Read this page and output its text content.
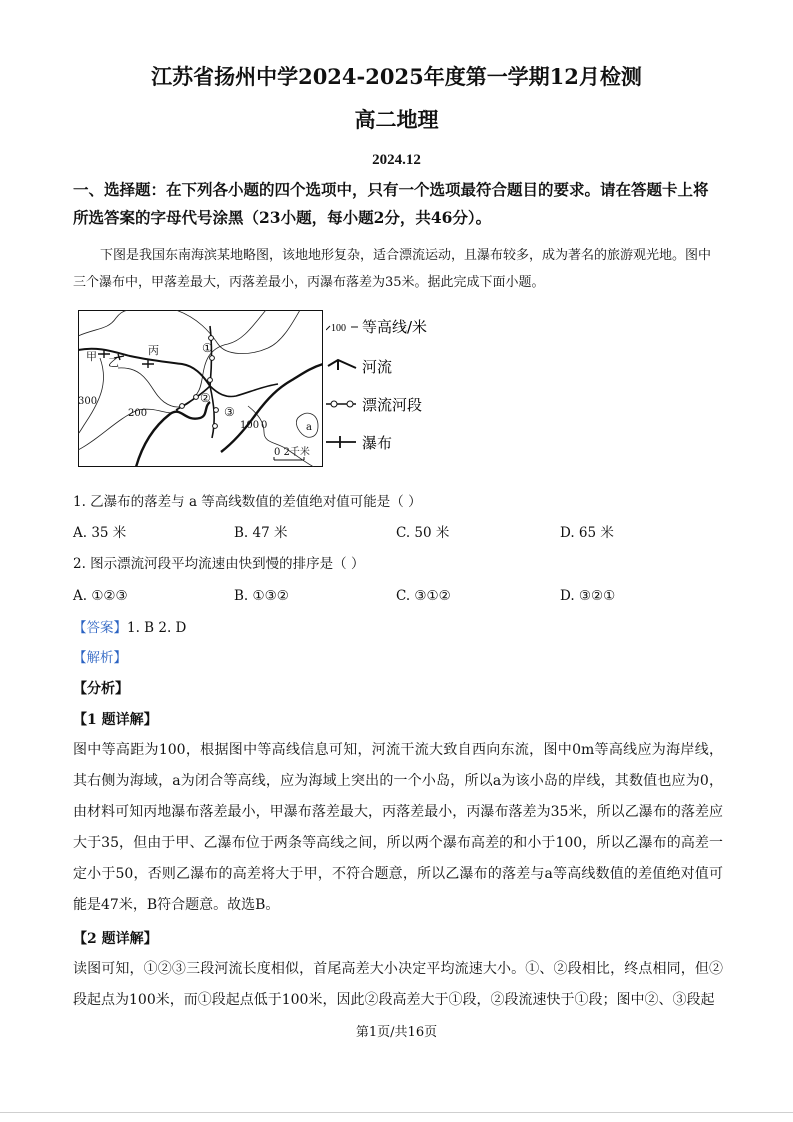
江苏省扬州中学2024-2025年度第一学期12月检测
高二地理
2024.12

一、选择题：在下列各小题的四个选项中，只有一个选项最符合题目的要求。请在答题卡上将所选答案的字母代号涂黑（23小题，每小题2分，共46分）。

下图是我国东南海滨某地略图，该地地形复杂，适合漂流运动，且瀑布较多，成为著名的旅游观光地。图中三个瀑布中，甲落差最大，丙落差最小，丙瀑布落差为35米。据此完成下面小题。

甲 乙
丙
300
200
100 0	a
①
②
③
0 2千米
100 等高线/米
河流
漂流河段
瀑布
1. 乙瀑布的落差与 a 等高线数值的差值绝对值可能是（ ）
A. 35 米	B. 47 米	C. 50 米	D. 65 米
2. 图示漂流河段平均流速由快到慢的排序是（ ）
A. ①②③	B. ①③②	C. ③①②	D. ③②①
【答案】1. B 2. D
【解析】
【分析】
【1 题详解】

图中等高距为100，根据图中等高线信息可知，河流干流大致自西向东流，图中0m等高线应为海岸线，其右侧为海域，a为闭合等高线，应为海域上突出的一个小岛，所以a为该小岛的岸线，其数值也应为0，由材料可知丙地瀑布落差最小，甲瀑布落差最大，丙落差最小，丙瀑布落差为35米，所以乙瀑布的落差应大于35，但由于甲、乙瀑布位于两条等高线之间，所以两个瀑布高差的和小于100，所以乙瀑布的高差一定小于50，否则乙瀑布的高差将大于甲，不符合题意，所以乙瀑布的落差与a等高线数值的差值绝对值可能是47米，B符合题意。故选B。

【2 题详解】

读图可知，①②③三段河流长度相似，首尾高差大小决定平均流速大小。①、②段相比，终点相同，但②段起点为100米，而①段起点低于100米，因此②段高差大于①段，②段流速快于①段；图中②、③段起

第1页/共16页
